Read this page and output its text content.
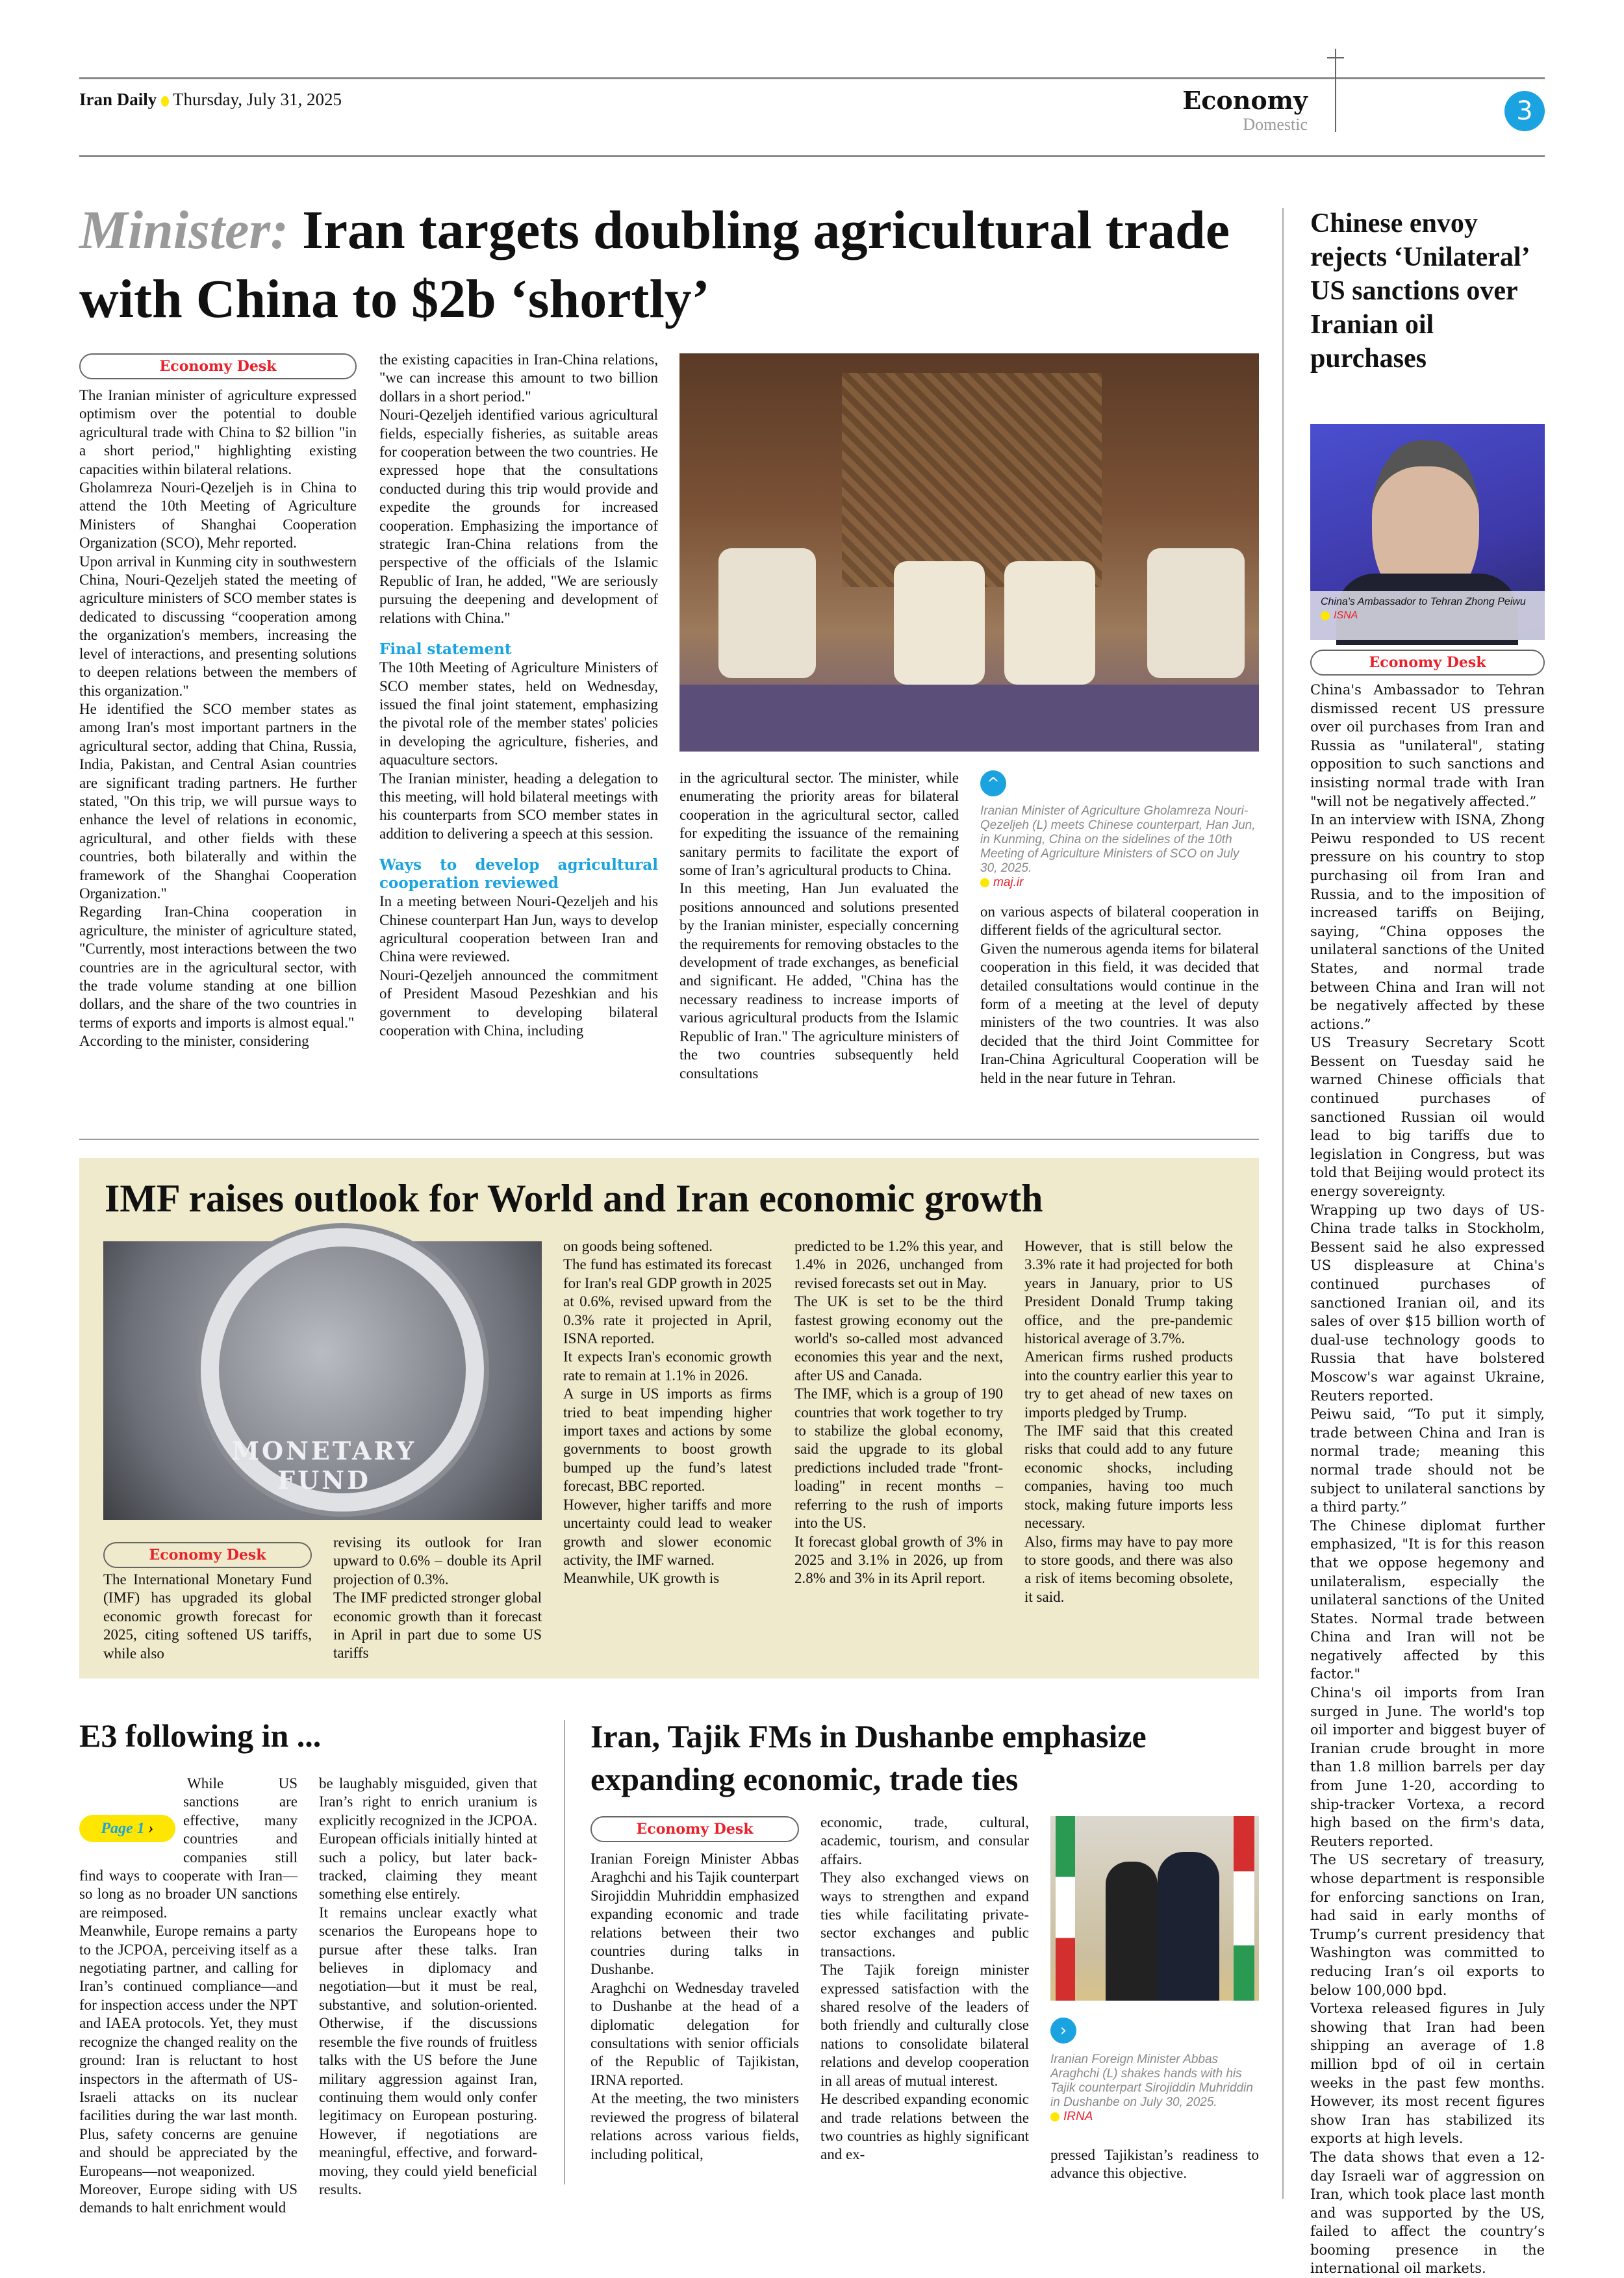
Iran Daily Thursday, July 31, 2025	Economy
Domestic	3
Minister: Iran targets doubling agricultural trade with China to $2b ‘shortly’
Economy Desk

The Iranian minister of agriculture expressed optimism over the potential to double agricultural trade with China to $2 billion "in a short period," highlighting existing capacities within bilateral relations.

Gholamreza Nouri-Qezeljeh is in China to attend the 10th Meeting of Agriculture Ministers of Shanghai Cooperation Organization (SCO), Mehr reported.

Upon arrival in Kunming city in southwestern China, Nouri-Qezeljeh stated the meeting of agriculture ministers of SCO member states is dedicated to discussing “cooperation among the organization's members, increasing the level of interactions, and presenting solutions to deepen relations between the members of this organization."

He identified the SCO member states as among Iran's most important partners in the agricultural sector, adding that China, Russia, India, Pakistan, and Central Asian countries are significant trading partners. He further stated, "On this trip, we will pursue ways to enhance the level of relations in economic, agricultural, and other fields with these countries, both bilaterally and within the framework of the Shanghai Cooperation Organization."

Regarding Iran-China cooperation in agriculture, the minister of agriculture stated, "Currently, most interactions between the two countries are in the agricultural sector, with the trade volume standing at one billion dollars, and the share of the two countries in terms of exports and imports is almost equal."

According to the minister, considering

the existing capacities in Iran-China relations, "we can increase this amount to two billion dollars in a short period."

Nouri-Qezeljeh identified various agricultural fields, especially fisheries, as suitable areas for cooperation between the two countries. He expressed hope that the consultations conducted during this trip would provide and expedite the grounds for increased cooperation. Emphasizing the importance of strategic Iran-China relations from the perspective of the officials of the Islamic Republic of Iran, he added, "We are seriously pursuing the deepening and development of relations with China."

Final statement

The 10th Meeting of Agriculture Ministers of SCO member states, held on Wednesday, issued the final joint statement, emphasizing the pivotal role of the member states' policies in developing the agriculture, fisheries, and aquaculture sectors.

The Iranian minister, heading a delegation to this meeting, will hold bilateral meetings with his counterparts from SCO member states in addition to delivering a speech at this session.

Ways to develop agricultural cooperation reviewed

In a meeting between Nouri-Qezeljeh and his Chinese counterpart Han Jun, ways to develop agricultural cooperation between Iran and China were reviewed.

Nouri-Qezeljeh announced the commitment of President Masoud Pezeshkian and his government to developing bilateral cooperation with China, including

in the agricultural sector. The minister, while enumerating the priority areas for bilateral cooperation in the agricultural sector, called for expediting the issuance of the remaining sanitary permits to facilitate the export of some of Iran’s agricultural products to China.

In this meeting, Han Jun evaluated the positions announced and solutions presented by the Iranian minister, especially concerning the requirements for removing obstacles to the development of trade exchanges, as beneficial and significant. He added, "China has the necessary readiness to increase imports of various agricultural products from the Islamic Republic of Iran." The agriculture ministers of the two countries subsequently held consultations

^
Iranian Minister of Agriculture Gholamreza Nouri-Qezeljeh (L) meets Chinese counterpart, Han Jun, in Kunming, China on the sidelines of the 10th Meeting of Agriculture Ministers of SCO on July 30, 2025.
maj.ir

on various aspects of bilateral cooperation in different fields of the agricultural sector.

Given the numerous agenda items for bilateral cooperation in this field, it was decided that detailed consultations would continue in the form of a meeting at the level of deputy ministers of the two countries. It was also decided that the third Joint Committee for Iran-China Agricultural Cooperation will be held in the near future in Tehran.

Chinese envoy rejects ‘Unilateral’ US sanctions over Iranian oil purchases
China's Ambassador to Tehran Zhong Peiwu
ISNA
Economy Desk

China's Ambassador to Tehran dismissed recent US pressure over oil purchases from Iran and Russia as "unilateral", stating opposition to such sanctions and insisting normal trade with Iran "will not be negatively affected.”

In an interview with ISNA, Zhong Peiwu responded to US recent pressure on his country to stop purchasing oil from Iran and Russia, and to the imposition of increased tariffs on Beijing, saying, “China opposes the unilateral sanctions of the United States, and normal trade between China and Iran will not be negatively affected by these actions.”

US Treasury Secretary Scott Bessent on Tuesday said he warned Chinese officials that continued purchases of sanctioned Russian oil would lead to big tariffs due to legislation in Congress, but was told that Beijing would protect its energy sovereignty.

Wrapping up two days of US-China trade talks in Stockholm, Bessent said he also expressed US displeasure at China's continued purchases of sanctioned Iranian oil, and its sales of over $15 billion worth of dual-use technology goods to Russia that have bolstered Moscow's war against Ukraine, Reuters reported.

Peiwu said, “To put it simply, trade between China and Iran is normal trade; meaning this normal trade should not be subject to unilateral sanctions by a third party.”

The Chinese diplomat further emphasized, "It is for this reason that we oppose hegemony and unilateralism, especially the unilateral sanctions of the United States. Normal trade between China and Iran will not be negatively affected by this factor."

China's oil imports from Iran surged in June. The world's top oil importer and biggest buyer of Iranian crude brought in more than 1.8 million barrels per day from June 1-20, according to ship-tracker Vortexa, a record high based on the firm's data, Reuters reported.

The US secretary of treasury, whose department is responsible for enforcing sanctions on Iran, had said in early months of Trump’s current presidency that Washington was committed to reducing Iran’s oil exports to below 100,000 bpd.

Vortexa released figures in July showing that Iran had been shipping an average of 1.8 million bpd of oil in certain weeks in the past few months. However, its most recent figures show Iran has stabilized its exports at high levels.

The data shows that even a 12-day Israeli war of aggression on Iran, which took place last month and was supported by the US, failed to affect the country’s booming presence in the international oil markets.

IMF raises outlook for World and Iran economic growth
MONETARY FUND
Economy Desk

The International Monetary Fund (IMF) has upgraded its global economic growth forecast for 2025, citing softened US tariffs, while also

revising its outlook for Iran upward to 0.6% – double its April projection of 0.3%.

The IMF predicted stronger global economic growth than it forecast in April in part due to some US tariffs

on goods being softened.

The fund has estimated its forecast for Iran's real GDP growth in 2025 at 0.6%, revised upward from the 0.3% rate it projected in April, ISNA reported.

It expects Iran's economic growth rate to remain at 1.1% in 2026.

A surge in US imports as firms tried to beat impending higher import taxes and actions by some governments to boost growth bumped up the fund’s latest forecast, BBC reported.

However, higher tariffs and more uncertainty could lead to weaker growth and slower economic activity, the IMF warned.

Meanwhile, UK growth is

predicted to be 1.2% this year, and 1.4% in 2026, unchanged from revised forecasts set out in May.

The UK is set to be the third fastest growing economy out the world's so-called most advanced economies this year and the next, after US and Canada.

The IMF, which is a group of 190 countries that work together to try to stabilize the global economy, said the upgrade to its global predictions included trade "front-loading" in recent months – referring to the rush of imports into the US.

It forecast global growth of 3% in 2025 and 3.1% in 2026, up from 2.8% and 3% in its April report.

However, that is still below the 3.3% rate it had projected for both years in January, prior to US President Donald Trump taking office, and the pre-pandemic historical average of 3.7%.

American firms rushed products into the country earlier this year to try to get ahead of new taxes on imports pledged by Trump.

The IMF said that this created risks that could add to any future economic shocks, including companies, having too much stock, making future imports less necessary.

Also, firms may have to pay more to store goods, and there was also a risk of items becoming obsolete, it said.

E3 following in ...
Page 1 ›

While US sanctions are effective, many countries and companies still find ways to cooperate with Iran—so long as no broader UN sanctions are reimposed.

Meanwhile, Europe remains a party to the JCPOA, perceiving itself as a negotiating partner, and calling for Iran’s continued compliance—and for inspection access under the NPT and IAEA protocols. Yet, they must recognize the changed reality on the ground: Iran is reluctant to host inspectors in the aftermath of US-Israeli attacks on its nuclear facilities during the war last month. Plus, safety concerns are genuine and should be appreciated by the Europeans—not weaponized.

Moreover, Europe siding with US demands to halt enrichment would

be laughably misguided, given that Iran’s right to enrich uranium is explicitly recognized in the JCPOA. European officials initially hinted at such a policy, but later back-tracked, claiming they meant something else entirely.

It remains unclear exactly what scenarios the Europeans hope to pursue after these talks. Iran believes in diplomacy and negotiation—but it must be real, substantive, and solution-oriented. Otherwise, if the discussions resemble the five rounds of fruitless talks with the US before the June military aggression against Iran, continuing them would only confer legitimacy on European posturing. However, if negotiations are meaningful, effective, and forward-moving, they could yield beneficial results.

Iran, Tajik FMs in Dushanbe emphasize expanding economic, trade ties
Economy Desk

Iranian Foreign Minister Abbas Araghchi and his Tajik counterpart Sirojiddin Muhriddin emphasized expanding economic and trade relations between their two countries during talks in Dushanbe.

Araghchi on Wednesday traveled to Dushanbe at the head of a diplomatic delegation for consultations with senior officials of the Republic of Tajikistan, IRNA reported.

At the meeting, the two ministers reviewed the progress of bilateral relations across various fields, including political,

economic, trade, cultural, academic, tourism, and consular affairs.

They also exchanged views on ways to strengthen and expand ties while facilitating private-sector exchanges and public transactions.

The Tajik foreign minister expressed satisfaction with the shared resolve of the leaders of both friendly and culturally close nations to consolidate bilateral relations and develop cooperation in all areas of mutual interest.

He described expanding economic and trade relations between the two countries as highly significant and ex-

›
Iranian Foreign Minister Abbas Araghchi (L) shakes hands with his Tajik counterpart Sirojiddin Muhriddin in Dushanbe on July 30, 2025.
IRNA

pressed Tajikistan’s readiness to advance this objective.
